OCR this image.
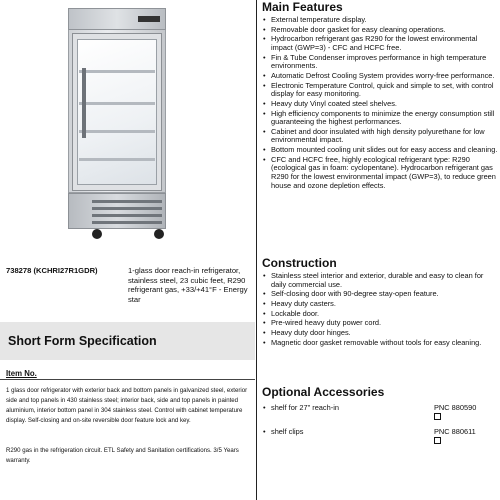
738278 (KCHRI27R1GDR)	1-glass door reach-in refrigerator, stainless steel, 23 cubic feet, R290 refrigerant gas, +33/+41°F - Energy star
Short Form Specification
Item No.
1 glass door refrigerator with exterior back and bottom panels in galvanized steel, exterior side and top panels in 430 stainless steel; interior back, side and top panels in painted aluminium, interior bottom panel in 304 stainless steel. Control with cabinet temperature display. Self-closing and on-site reversible door feature lock and key.
R290 gas in the refrigeration circuit. ETL Safety and Sanitation certifications. 3/5 Years warranty.
Main Features
• External temperature display.
• Removable door gasket for easy cleaning operations.
• Hydrocarbon refrigerant gas R290 for the lowest environmental impact (GWP=3) - CFC and HCFC free.
• Fin & Tube Condenser improves performance in high temperature environments.
• Automatic Defrost Cooling System provides worry-free performance.
• Electronic Temperature Control, quick and simple to set, with control display for easy monitoring.
• Heavy duty Vinyl coated steel shelves.
• High efficiency components to minimize the energy consumption still guaranteeing the highest performances.
• Cabinet and door insulated with high density polyurethane for low environmental impact.
• Bottom mounted cooling unit slides out for easy access and cleaning.
• CFC and HCFC free, highly ecological refrigerant type: R290 (ecological gas in foam: cyclopentane). Hydrocarbon refrigerant gas R290 for the lowest environmental impact (GWP=3), to reduce green house and ozone depletion effects.
Construction
• Stainless steel interior and exterior, durable and easy to clean for daily commercial use.
• Self-closing door with 90-degree stay-open feature.
• Heavy duty casters.
• Lockable door.
• Pre-wired heavy duty power cord.
• Heavy duty door hinges.
• Magnetic door gasket removable without tools for easy cleaning.
Optional Accessories
• shelf for 27" reach-in	PNC 880590
• shelf clips	PNC 880611
